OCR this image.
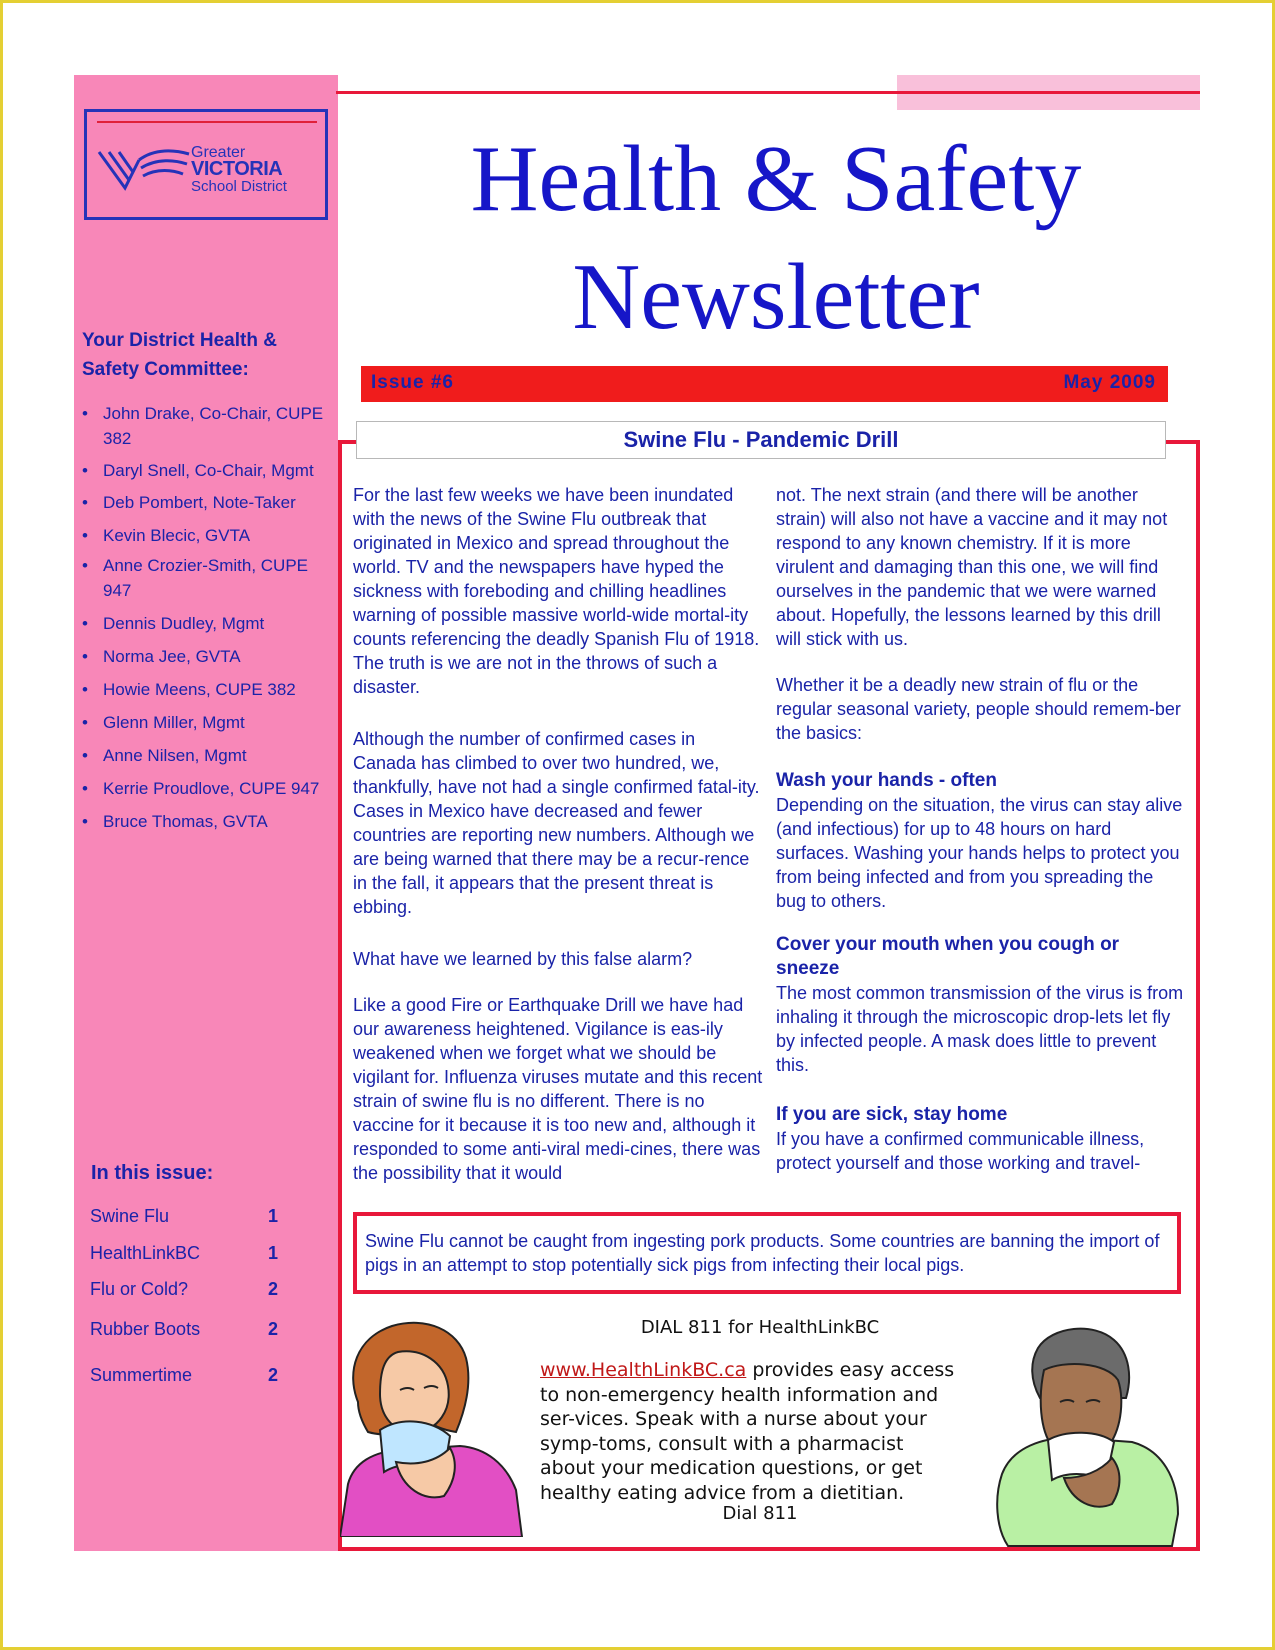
Greater
VICTORIA
School District
Your District Health &
Safety Committee:
• John Drake, Co-Chair, CUPE 382
• Daryl Snell, Co-Chair, Mgmt
• Deb Pombert, Note-Taker
• Kevin Blecic, GVTA
• Anne Crozier-Smith, CUPE 947
• Dennis Dudley, Mgmt
• Norma Jee, GVTA
• Howie Meens, CUPE 382
• Glenn Miller, Mgmt
• Anne Nilsen, Mgmt
• Kerrie Proudlove, CUPE 947
• Bruce Thomas, GVTA
In this issue:
Swine Flu	1
HealthLinkBC	1
Flu or Cold?	2
Rubber Boots	2
Summertime	2
Health & Safety
Newsletter
Issue #6	May 2009
Swine Flu - Pandemic Drill

For the last few weeks we have been inundated with the news of the Swine Flu outbreak that originated in Mexico and spread throughout the world. TV and the newspapers have hyped the sickness with foreboding and chilling headlines warning of possible massive world-wide mortal-ity counts referencing the deadly Spanish Flu of 1918. The truth is we are not in the throws of such a disaster.

Although the number of confirmed cases in Canada has climbed to over two hundred, we, thankfully, have not had a single confirmed fatal-ity. Cases in Mexico have decreased and fewer countries are reporting new numbers. Although we are being warned that there may be a recur-rence in the fall, it appears that the present threat is ebbing.

What have we learned by this false alarm?

Like a good Fire or Earthquake Drill we have had our awareness heightened. Vigilance is eas-ily weakened when we forget what we should be vigilant for. Influenza viruses mutate and this recent strain of swine flu is no different. There is no vaccine for it because it is too new and, although it responded to some anti-viral medi-cines, there was the possibility that it would

not. The next strain (and there will be another strain) will also not have a vaccine and it may not respond to any known chemistry. If it is more virulent and damaging than this one, we will find ourselves in the pandemic that we were warned about. Hopefully, the lessons learned by this drill will stick with us.

Whether it be a deadly new strain of flu or the regular seasonal variety, people should remem-ber the basics:

Wash your hands - often

Depending on the situation, the virus can stay alive (and infectious) for up to 48 hours on hard surfaces. Washing your hands helps to protect you from being infected and from you spreading the bug to others.

Cover your mouth when you cough or sneeze

The most common transmission of the virus is from inhaling it through the microscopic drop-lets let fly by infected people. A mask does little to prevent this.

If you are sick, stay home

If you have a confirmed communicable illness, protect yourself and those working and travel-

Swine Flu cannot be caught from ingesting pork products. Some countries are banning the import of pigs in an attempt to stop potentially sick pigs from infecting their local pigs.
DIAL 811 for HealthLinkBC
www.HealthLinkBC.ca provides easy access to non-emergency health information and ser-vices. Speak with a nurse about your symp-toms, consult with a pharmacist about your medication questions, or get healthy eating advice from a dietitian.
Dial 811
